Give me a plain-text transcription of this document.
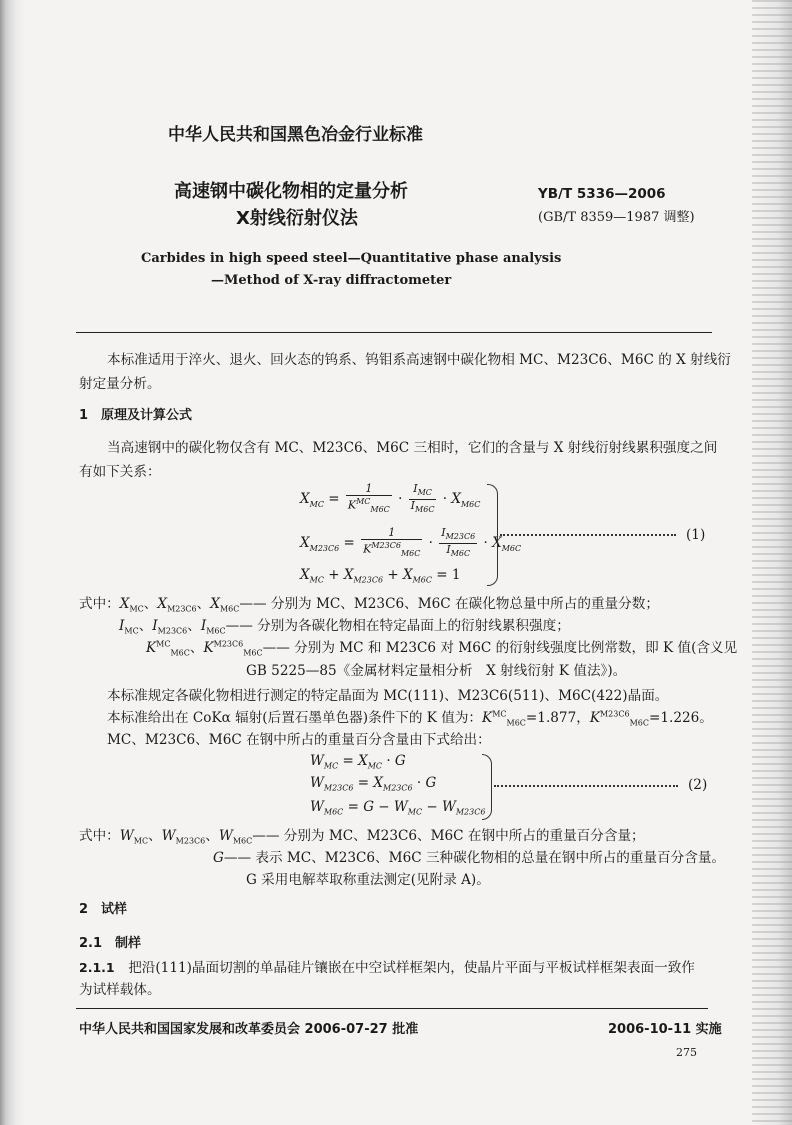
中华人民共和国黑色冶金行业标准
高速钢中碳化物相的定量分析
X射线衍射仪法
YB/T 5336—2006
(GB/T 8359—1987 调整)
Carbides in high speed steel—Quantitative phase analysis
—Method of X-ray diffractometer
本标准适用于淬火、退火、回火态的钨系、钨钼系高速钢中碳化物相 MC、M23C6、M6C 的 X 射线衍
射定量分析。
1　原理及计算公式
当高速钢中的碳化物仅含有 MC、M23C6、M6C 三相时，它们的含量与 X 射线衍射线累积强度之间
有如下关系：
$X_{MC} = \frac{1}{K^{MC}_{M6C}} \cdot \frac{I_{MC}}{I_{M6C}} \cdot X_{M6C}$
$X_{M23C6} = \frac{1}{K^{M23C6}_{M6C}} \cdot \frac{I_{M23C6}}{I_{M6C}} \cdot X_{M6C}$
$X_{MC} + X_{M23C6} + X_{M6C} = 1$
(1)
式中：$X_{MC}$、$X_{M23C6}$、$X_{M6C}——$ 分别为 MC、M23C6、M6C 在碳化物总量中所占的重量分数；
$I_{MC}$、$I_{M23C6}$、$I_{M6C}——$ 分别为各碳化物相在特定晶面上的衍射线累积强度；
$K^{MC}_{M6C}$、$K^{M23C6}_{M6C}——$ 分别为 MC 和 M23C6 对 M6C 的衍射线强度比例常数，即 K 值(含义见
GB 5225—85《金属材料定量相分析　X 射线衍射 K 值法》)。
本标准规定各碳化物相进行测定的特定晶面为 MC(111)、M23C6(511)、M6C(422)晶面。
本标准给出在 CoKα 辐射(后置石墨单色器)条件下的 K 值为：$K^{MC}_{M6C}=1.877$，$K^{M23C6}_{M6C}=1.226$。
MC、M23C6、M6C 在钢中所占的重量百分含量由下式给出：
$W_{MC} = X_{MC} \cdot G$
$W_{M23C6} = X_{M23C6} \cdot G$
$W_{M6C} = G - W_{MC} - W_{M23C6}$
(2)
式中：$W_{MC}$、$W_{M23C6}$、$W_{M6C}——$ 分别为 MC、M23C6、M6C 在钢中所占的重量百分含量；
G—— 表示 MC、M23C6、M6C 三种碳化物相的总量在钢中所占的重量百分含量。
G 采用电解萃取称重法测定(见附录 A)。
2　试样
2.1　制样
2.1.1　 把沿(111)晶面切割的单晶硅片镶嵌在中空试样框架内，使晶片平面与平板试样框架表面一致作
为试样载体。
中华人民共和国国家发展和改革委员会 2006-07-27 批准	2006-10-11 实施
275
